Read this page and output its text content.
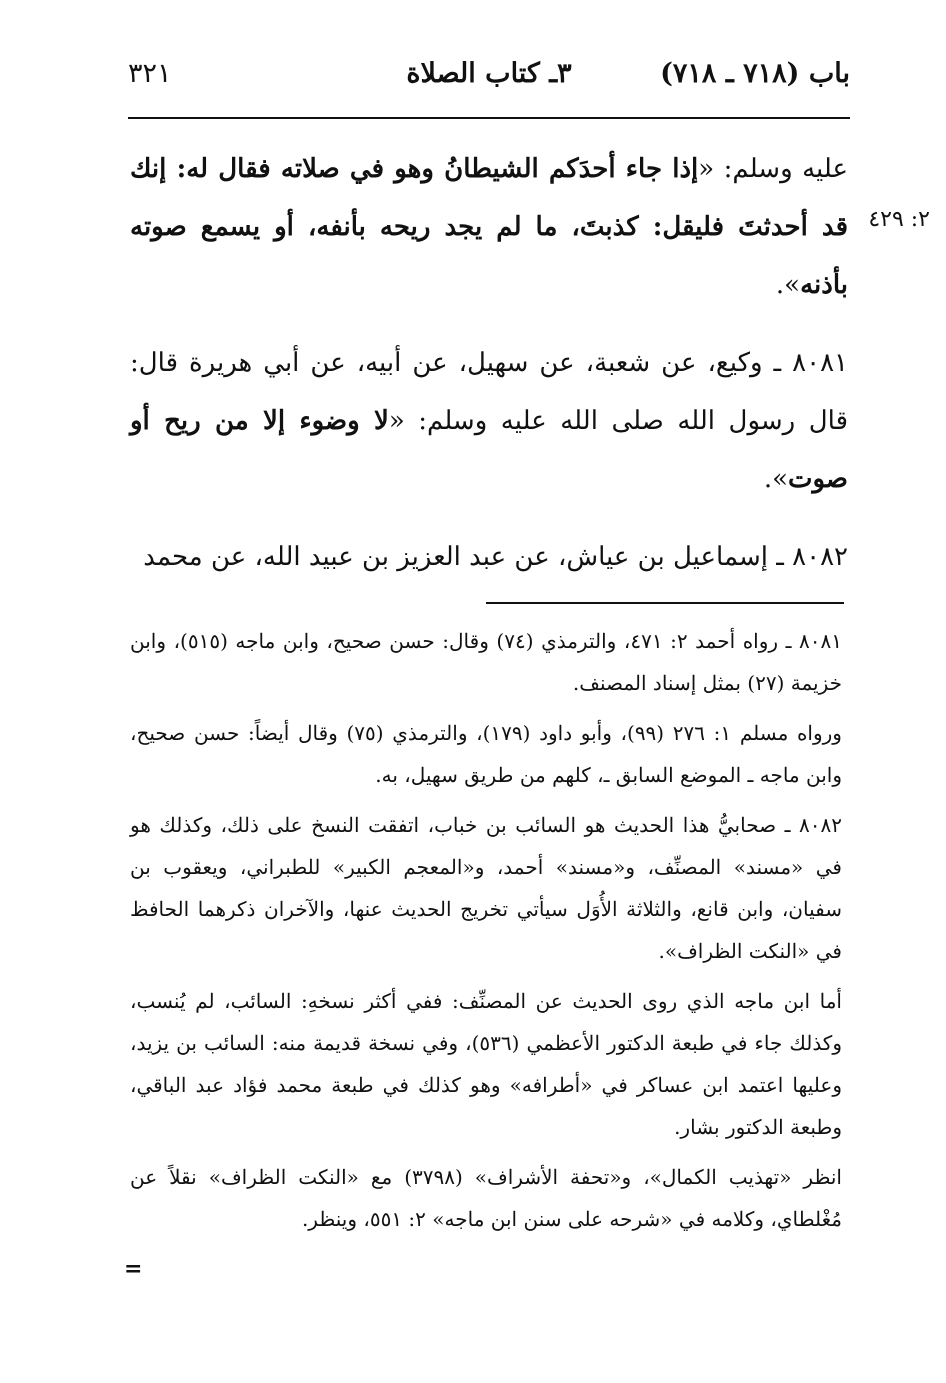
باب (٧١٨ ـ ٧١٨)
٣ـ كتاب الصلاة
٣٢١
٢: ٤٢٩

عليه وسلم: «إذا جاء أحدَكم الشيطانُ وهو في صلاته فقال له: إنك قد أحدثتَ فليقل: كذبتَ، ما لم يجد ريحه بأنفه، أو يسمع صوته بأذنه».

٨٠٨١ ـ وكيع، عن شعبة، عن سهيل، عن أبيه، عن أبي هريرة قال: قال رسول الله صلى الله عليه وسلم: «لا وضوء إلا من ريح أو صوت».

٨٠٨٢ ـ إسماعيل بن عياش، عن عبد العزيز بن عبيد الله، عن محمد

٨٠٨١ ـ رواه أحمد ٢: ٤٧١، والترمذي (٧٤) وقال: حسن صحيح، وابن ماجه (٥١٥)، وابن خزيمة (٢٧) بمثل إسناد المصنف.

ورواه مسلم ١: ٢٧٦ (٩٩)، وأبو داود (١٧٩)، والترمذي (٧٥) وقال أيضاً: حسن صحيح، وابن ماجه ـ الموضع السابق ـ، كلهم من طريق سهيل، به.

٨٠٨٢ ـ صحابيُّ هذا الحديث هو السائب بن خباب، اتفقت النسخ على ذلك، وكذلك هو في «مسند» المصنِّف، و«مسند» أحمد، و«المعجم الكبير» للطبراني، ويعقوب بن سفيان، وابن قانع، والثلاثة الأُوَل سيأتي تخريج الحديث عنها، والآخران ذكرهما الحافظ في «النكت الظراف».

أما ابن ماجه الذي روى الحديث عن المصنِّف: ففي أكثر نسخهِ: السائب، لم يُنسب، وكذلك جاء في طبعة الدكتور الأعظمي (٥٣٦)، وفي نسخة قديمة منه: السائب بن يزيد، وعليها اعتمد ابن عساكر في «أطرافه» وهو كذلك في طبعة محمد فؤاد عبد الباقي، وطبعة الدكتور بشار.

انظر «تهذيب الكمال»، و«تحفة الأشراف» (٣٧٩٨) مع «النكت الظراف» نقلاً عن مُغْلطاي، وكلامه في «شرحه على سنن ابن ماجه» ٢: ٥٥١، وينظر.

=
